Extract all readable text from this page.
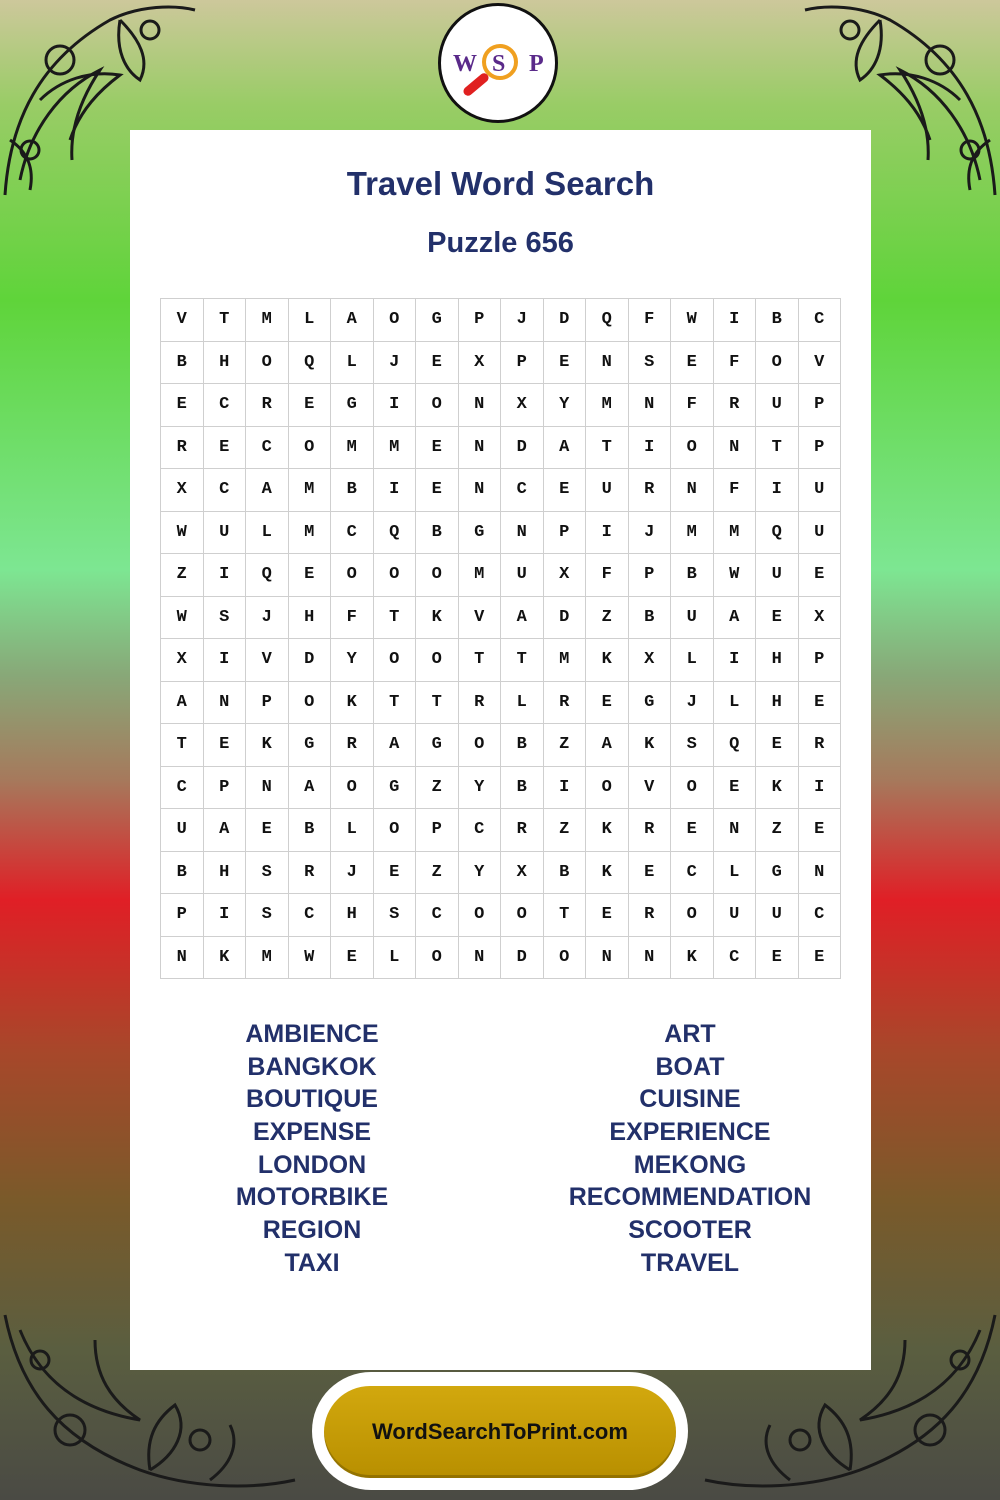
W S P
Travel Word Search
Puzzle 656
V	T	M	L	A	O	G	P	J	D	Q	F	W	I	B	C
B	H	O	Q	L	J	E	X	P	E	N	S	E	F	O	V
E	C	R	E	G	I	O	N	X	Y	M	N	F	R	U	P
R	E	C	O	M	M	E	N	D	A	T	I	O	N	T	P
X	C	A	M	B	I	E	N	C	E	U	R	N	F	I	U
W	U	L	M	C	Q	B	G	N	P	I	J	M	M	Q	U
Z	I	Q	E	O	O	O	M	U	X	F	P	B	W	U	E
W	S	J	H	F	T	K	V	A	D	Z	B	U	A	E	X
X	I	V	D	Y	O	O	T	T	M	K	X	L	I	H	P
A	N	P	O	K	T	T	R	L	R	E	G	J	L	H	E
T	E	K	G	R	A	G	O	B	Z	A	K	S	Q	E	R
C	P	N	A	O	G	Z	Y	B	I	O	V	O	E	K	I
U	A	E	B	L	O	P	C	R	Z	K	R	E	N	Z	E
B	H	S	R	J	E	Z	Y	X	B	K	E	C	L	G	N
P	I	S	C	H	S	C	O	O	T	E	R	O	U	U	C
N	K	M	W	E	L	O	N	D	O	N	N	K	C	E	E
AMBIENCE
BANGKOK
BOUTIQUE
EXPENSE
LONDON
MOTORBIKE
REGION
TAXI
ART
BOAT
CUISINE
EXPERIENCE
MEKONG
RECOMMENDATION
SCOOTER
TRAVEL
WordSearchToPrint.com
